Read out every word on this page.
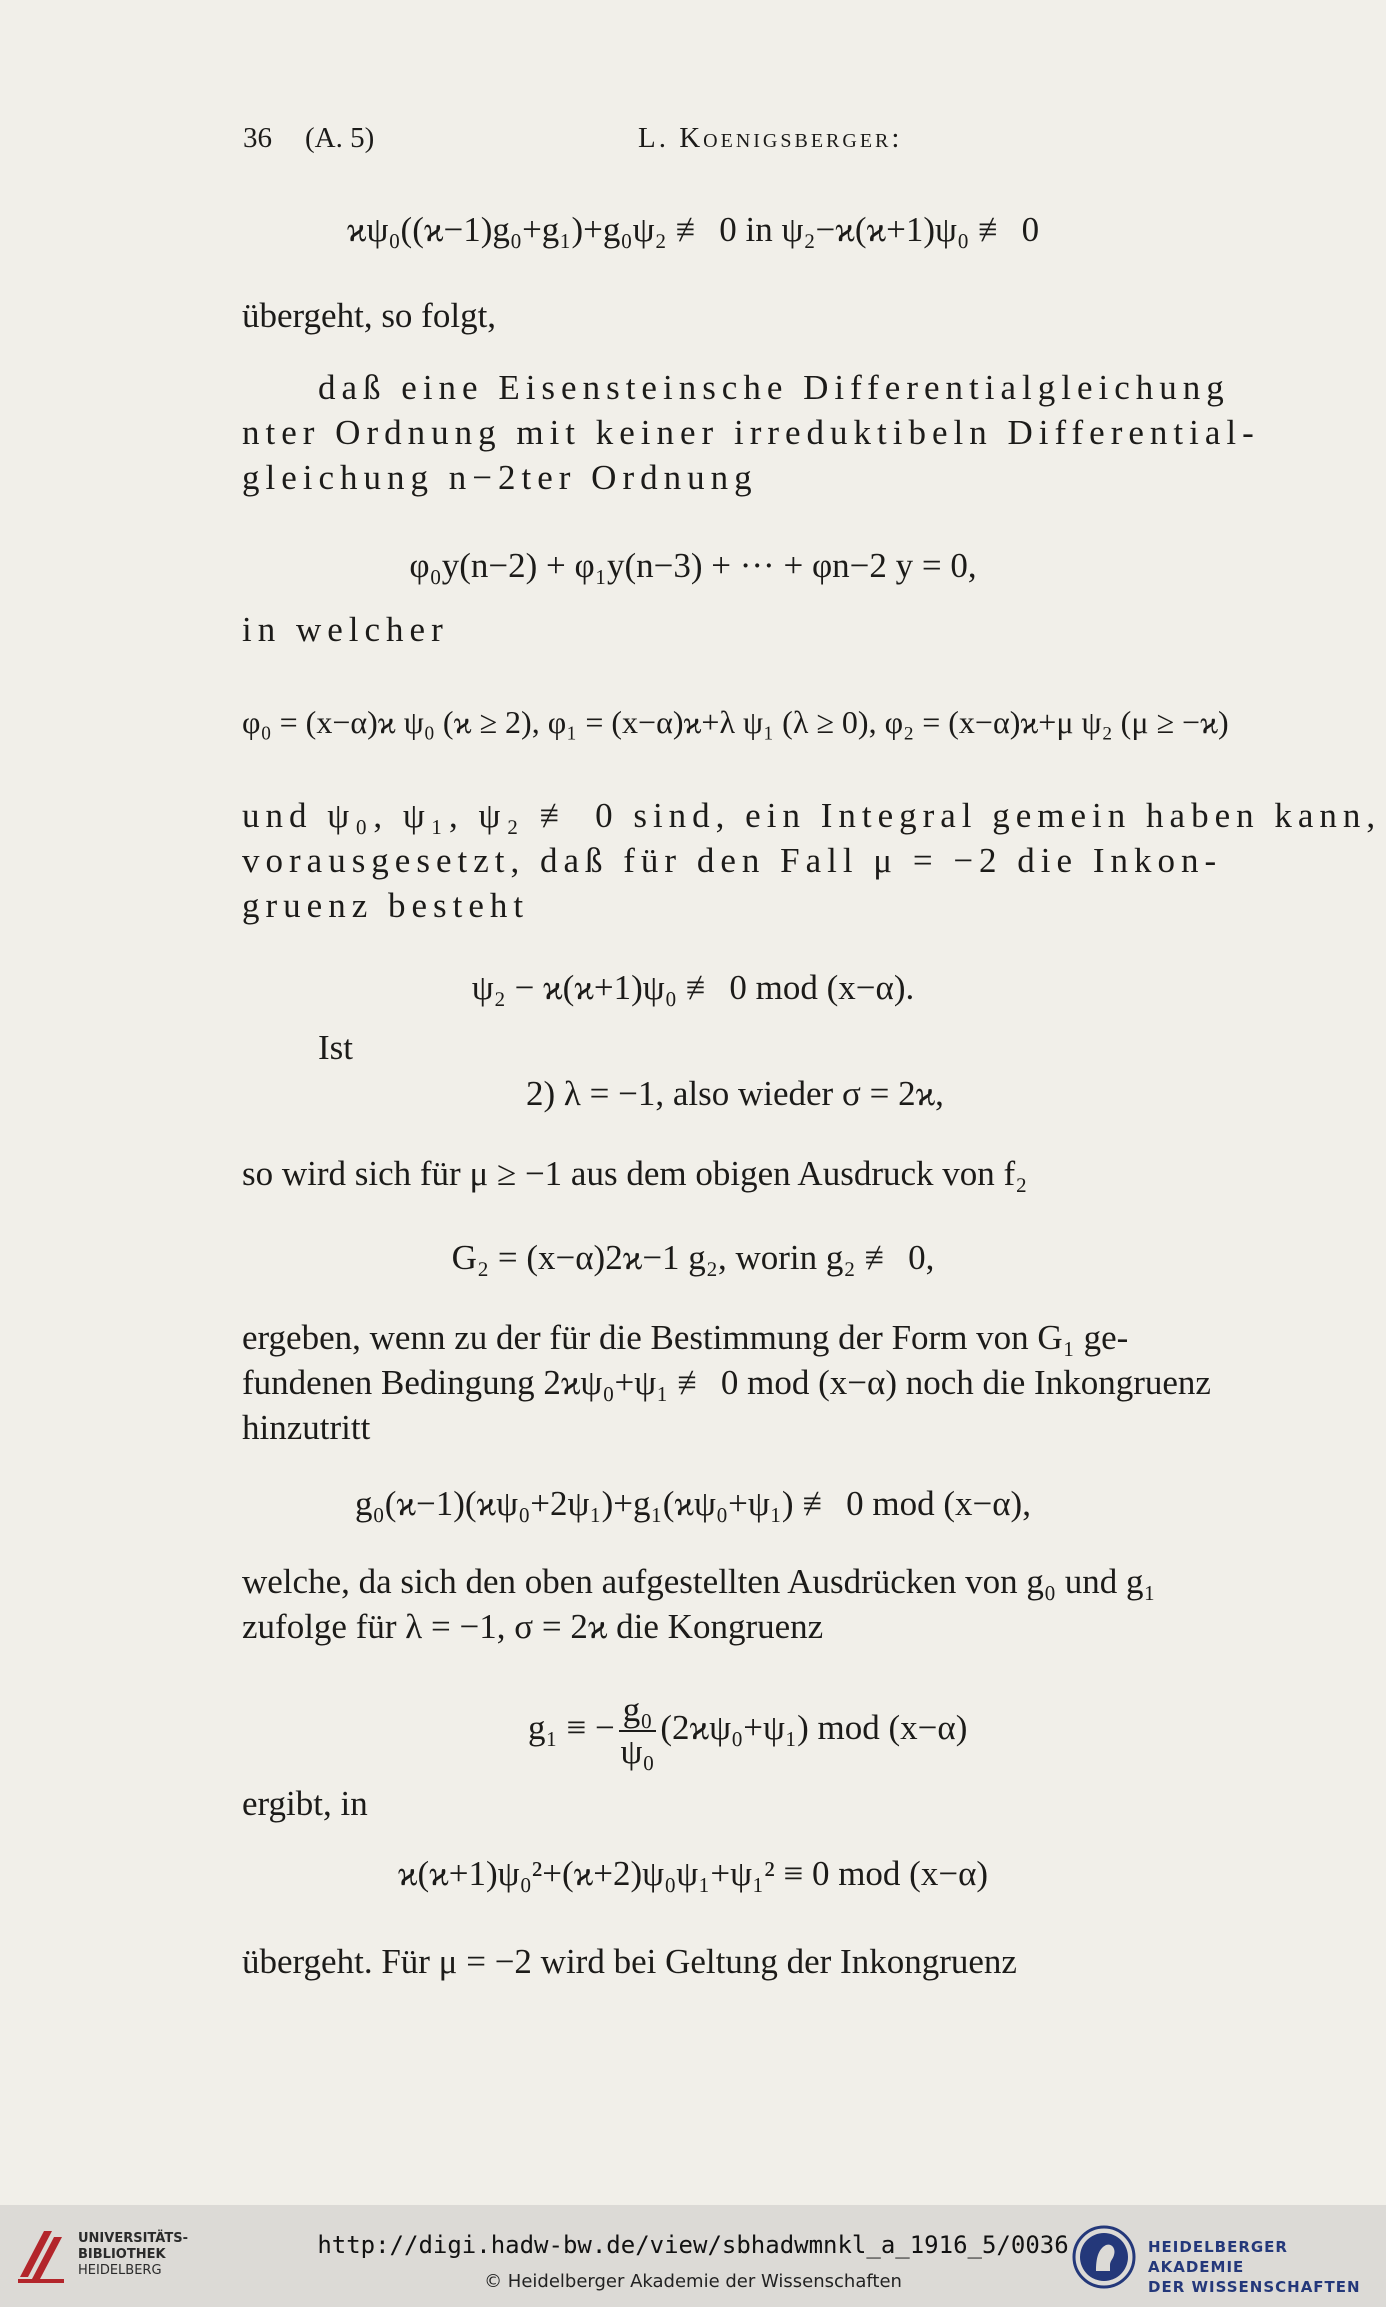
36 (A. 5)	L. Koenigsberger:
ϰψ₀((ϰ−1)g₀+g₁)+g₀ψ₂ ≢ 0 in ψ₂−ϰ(ϰ+1)ψ₀ ≢ 0
übergeht, so folgt,
daß eine Eisensteinsche Differentialgleichung
nter Ordnung mit keiner irreduktibeln Differential-
gleichung n−2ter Ordnung
φ₀y(n−2) + φ₁y(n−3) + ··· + φn−2 y = 0,
in welcher
φ₀ = (x−α)ϰ ψ₀ (ϰ ≥ 2), φ₁ = (x−α)ϰ+λ ψ₁ (λ ≥ 0), φ₂ = (x−α)ϰ+μ ψ₂ (μ ≥ −ϰ)
und ψ₀, ψ₁, ψ₂ ≢ 0 sind, ein Integral gemein haben kann,
vorausgesetzt, daß für den Fall μ = −2 die Inkon-
gruenz besteht
ψ₂ − ϰ(ϰ+1)ψ₀ ≢ 0 mod (x−α).
Ist
2) λ = −1, also wieder σ = 2ϰ,
so wird sich für μ ≥ −1 aus dem obigen Ausdruck von f₂
G₂ = (x−α)2ϰ−1 g₂, worin g₂ ≢ 0,
ergeben, wenn zu der für die Bestimmung der Form von G₁ ge-
fundenen Bedingung 2ϰψ₀+ψ₁ ≢ 0 mod (x−α) noch die Inkongruenz
hinzutritt
g₀(ϰ−1)(ϰψ₀+2ψ₁)+g₁(ϰψ₀+ψ₁) ≢ 0 mod (x−α),
welche, da sich den oben aufgestellten Ausdrücken von g₀ und g₁
zufolge für λ = −1, σ = 2ϰ die Kongruenz
g₁ ≡ − $\frac{\text{g₀}}{\text{ψ₀}} (2ϰ\psi_0+\psi_1)$ mod (x−α)
ergibt, in
ϰ(ϰ+1)ψ₀²+(ϰ+2)ψ₀ψ₁+ψ₁² ≡ 0 mod (x−α)
übergeht. Für μ = −2 wird bei Geltung der Inkongruenz
UNIVERSITÄTS-
BIBLIOTHEK
HEIDELBERG
http://digi.hadw-bw.de/view/sbhadwmnkl_a_1916_5/0036
© Heidelberger Akademie der Wissenschaften
HEIDELBERGER AKADEMIE
DER WISSENSCHAFTEN
